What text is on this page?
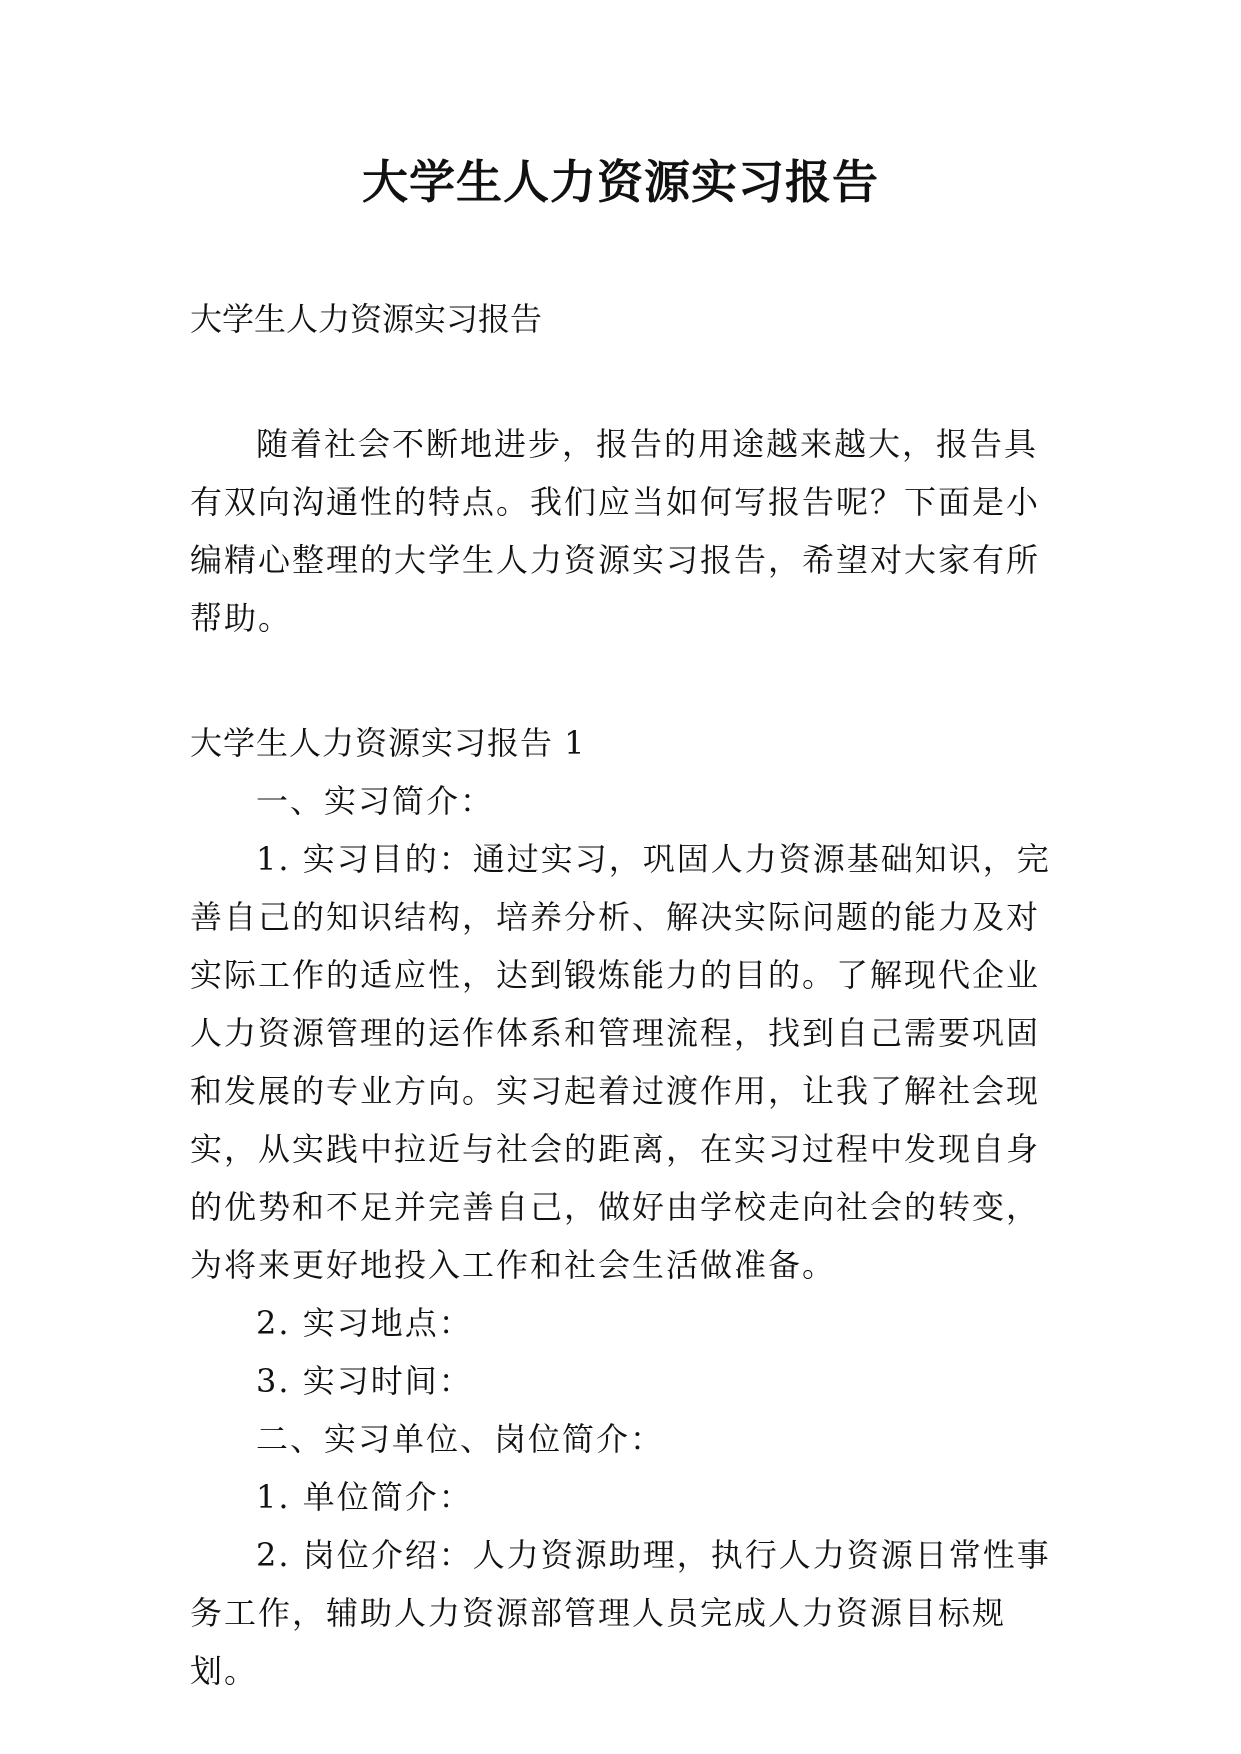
大学生人力资源实习报告

大学生人力资源实习报告

随着社会不断地进步，报告的用途越来越大，报告具有双向沟通性的特点。我们应当如何写报告呢？下面是小编精心整理的大学生人力资源实习报告，希望对大家有所帮助。

大学生人力资源实习报告 1

一、实习简介：

1. 实习目的：通过实习，巩固人力资源基础知识，完善自己的知识结构，培养分析、解决实际问题的能力及对实际工作的适应性，达到锻炼能力的目的。了解现代企业人力资源管理的运作体系和管理流程，找到自己需要巩固和发展的专业方向。实习起着过渡作用，让我了解社会现实，从实践中拉近与社会的距离，在实习过程中发现自身的优势和不足并完善自己，做好由学校走向社会的转变，为将来更好地投入工作和社会生活做准备。

2. 实习地点：

3. 实习时间：

二、实习单位、岗位简介：

1. 单位简介：

2. 岗位介绍：人力资源助理，执行人力资源日常性事务工作，辅助人力资源部管理人员完成人力资源目标规划。
